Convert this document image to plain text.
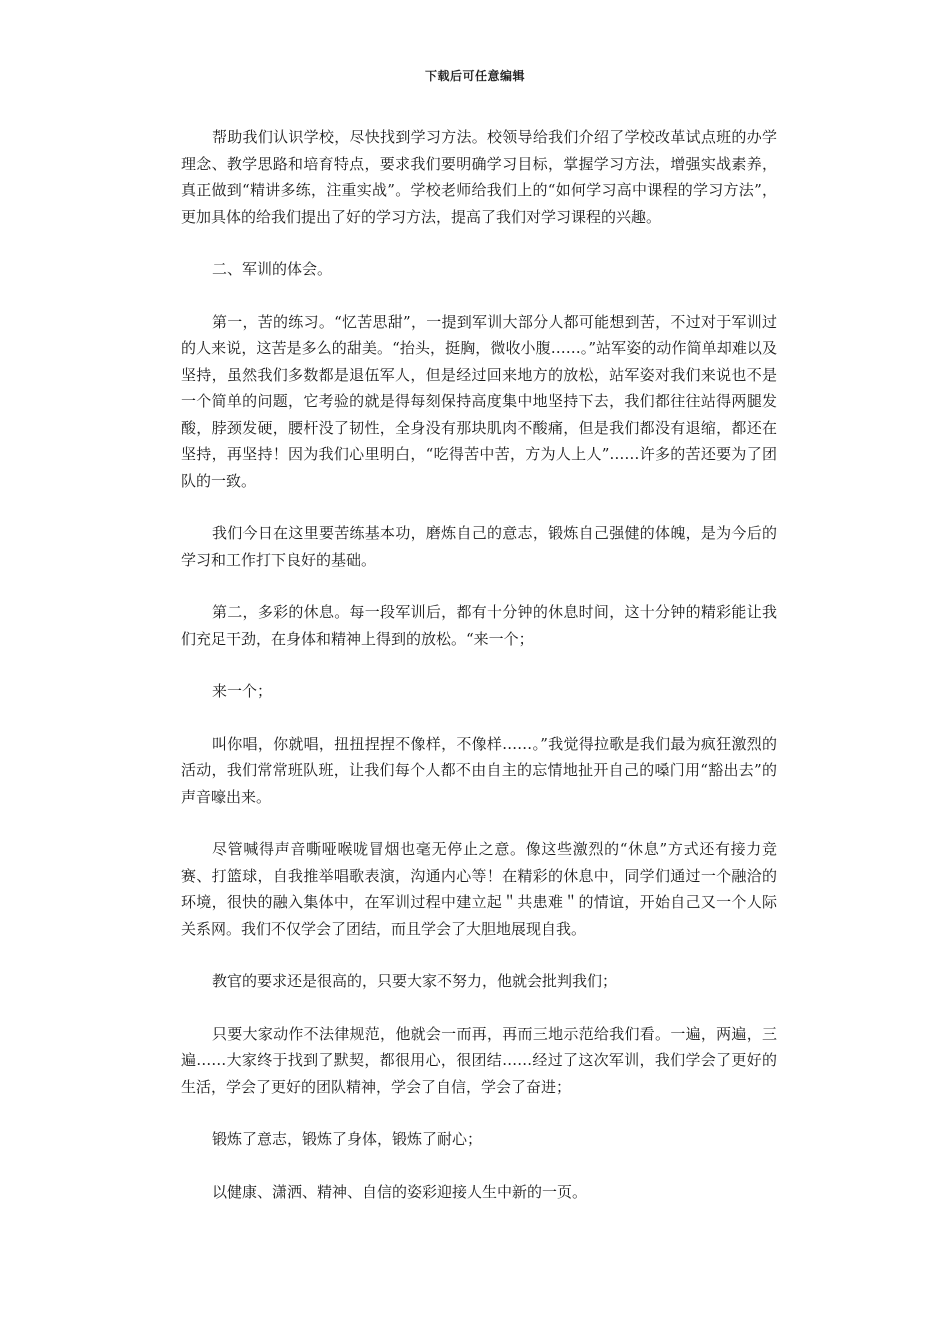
下载后可任意编辑

帮助我们认识学校，尽快找到学习方法。校领导给我们介绍了学校改革试点班的办学理念、教学思路和培育特点，要求我们要明确学习目标，掌握学习方法，增强实战素养，真正做到“精讲多练，注重实战”。学校老师给我们上的“如何学习高中课程的学习方法”，更加具体的给我们提出了好的学习方法，提高了我们对学习课程的兴趣。

二、军训的体会。

第一，苦的练习。“忆苦思甜”，一提到军训大部分人都可能想到苦，不过对于军训过的人来说，这苦是多么的甜美。“抬头，挺胸，微收小腹……。”站军姿的动作简单却难以及坚持，虽然我们多数都是退伍军人，但是经过回来地方的放松，站军姿对我们来说也不是一个简单的问题，它考验的就是得每刻保持高度集中地坚持下去，我们都往往站得两腿发酸，脖颈发硬，腰杆没了韧性，全身没有那块肌肉不酸痛，但是我们都没有退缩，都还在坚持，再坚持！因为我们心里明白，“吃得苦中苦，方为人上人”……许多的苦还要为了团队的一致。

我们今日在这里要苦练基本功，磨炼自己的意志，锻炼自己强健的体魄，是为今后的学习和工作打下良好的基础。

第二，多彩的休息。每一段军训后，都有十分钟的休息时间，这十分钟的精彩能让我们充足干劲，在身体和精神上得到的放松。“来一个；

来一个；

叫你唱，你就唱，扭扭捏捏不像样，不像样……。”我觉得拉歌是我们最为疯狂激烈的活动，我们常常班队班，让我们每个人都不由自主的忘情地扯开自己的嗓门用“豁出去”的声音嚎出来。

尽管喊得声音嘶哑喉咙冒烟也毫无停止之意。像这些激烈的“休息”方式还有接力竞赛、打篮球，自我推举唱歌表演，沟通内心等！在精彩的休息中，同学们通过一个融洽的环境，很快的融入集体中，在军训过程中建立起＂共患难＂的情谊，开始自己又一个人际关系网。我们不仅学会了团结，而且学会了大胆地展现自我。

教官的要求还是很高的，只要大家不努力，他就会批判我们；

只要大家动作不法律规范，他就会一而再，再而三地示范给我们看。一遍，两遍，三遍……大家终于找到了默契，都很用心，很团结……经过了这次军训，我们学会了更好的生活，学会了更好的团队精神，学会了自信，学会了奋进；

锻炼了意志，锻炼了身体，锻炼了耐心；

以健康、潇洒、精神、自信的姿彩迎接人生中新的一页。
